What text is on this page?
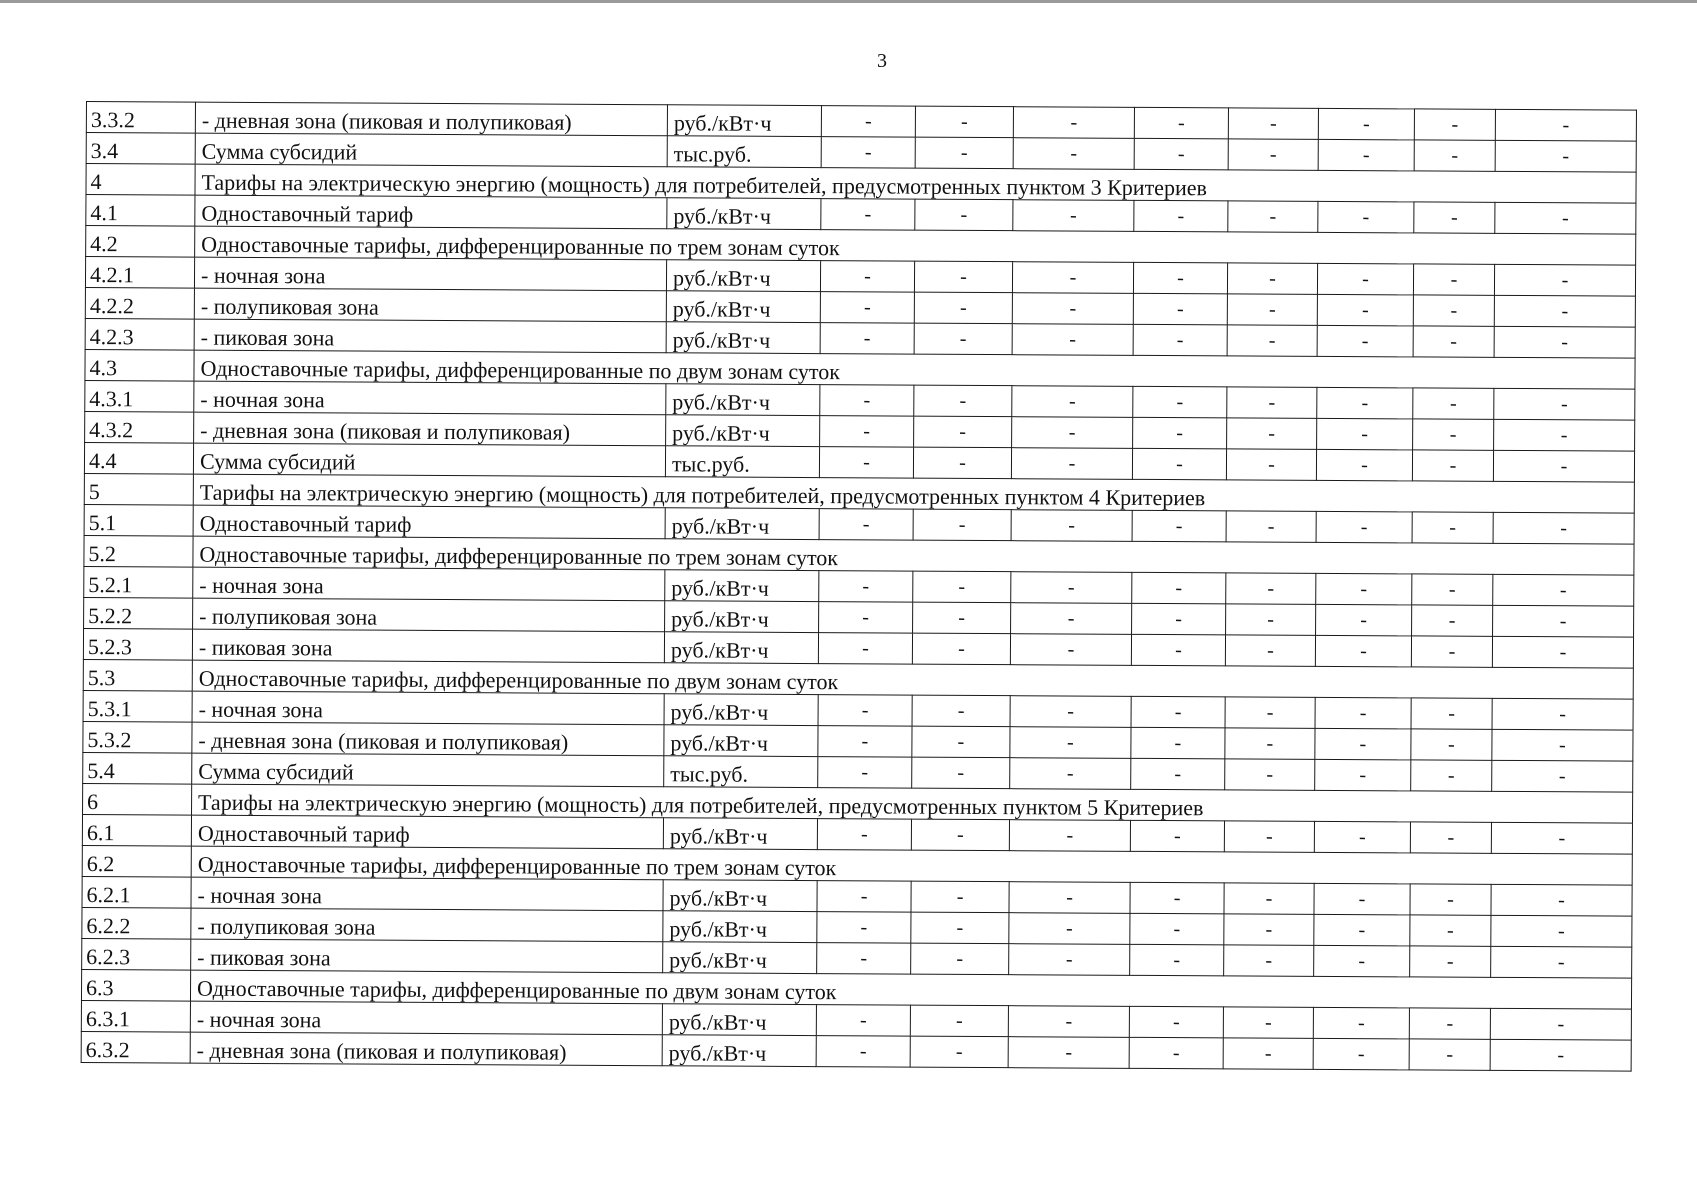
3
3.3.2	- дневная зона (пиковая и полупиковая)	руб./кВт·ч	-	-	-	-	-	-	-	-
3.4	Сумма субсидий	тыс.руб.	-	-	-	-	-	-	-	-
4	Тарифы на электрическую энергию (мощность) для потребителей, предусмотренных пунктом 3 Критериев									
4.1	Одноставочный тариф	руб./кВт·ч	-	-	-	-	-	-	-	-
4.2	Одноставочные тарифы, дифференцированные по трем зонам суток									
4.2.1	- ночная зона	руб./кВт·ч	-	-	-	-	-	-	-	-
4.2.2	- полупиковая зона	руб./кВт·ч	-	-	-	-	-	-	-	-
4.2.3	- пиковая зона	руб./кВт·ч	-	-	-	-	-	-	-	-
4.3	Одноставочные тарифы, дифференцированные по двум зонам суток									
4.3.1	- ночная зона	руб./кВт·ч	-	-	-	-	-	-	-	-
4.3.2	- дневная зона (пиковая и полупиковая)	руб./кВт·ч	-	-	-	-	-	-	-	-
4.4	Сумма субсидий	тыс.руб.	-	-	-	-	-	-	-	-
5	Тарифы на электрическую энергию (мощность) для потребителей, предусмотренных пунктом 4 Критериев									
5.1	Одноставочный тариф	руб./кВт·ч	-	-	-	-	-	-	-	-
5.2	Одноставочные тарифы, дифференцированные по трем зонам суток									
5.2.1	- ночная зона	руб./кВт·ч	-	-	-	-	-	-	-	-
5.2.2	- полупиковая зона	руб./кВт·ч	-	-	-	-	-	-	-	-
5.2.3	- пиковая зона	руб./кВт·ч	-	-	-	-	-	-	-	-
5.3	Одноставочные тарифы, дифференцированные по двум зонам суток									
5.3.1	- ночная зона	руб./кВт·ч	-	-	-	-	-	-	-	-
5.3.2	- дневная зона (пиковая и полупиковая)	руб./кВт·ч	-	-	-	-	-	-	-	-
5.4	Сумма субсидий	тыс.руб.	-	-	-	-	-	-	-	-
6	Тарифы на электрическую энергию (мощность) для потребителей, предусмотренных пунктом 5 Критериев									
6.1	Одноставочный тариф	руб./кВт·ч	-	-	-	-	-	-	-	-
6.2	Одноставочные тарифы, дифференцированные по трем зонам суток									
6.2.1	- ночная зона	руб./кВт·ч	-	-	-	-	-	-	-	-
6.2.2	- полупиковая зона	руб./кВт·ч	-	-	-	-	-	-	-	-
6.2.3	- пиковая зона	руб./кВт·ч	-	-	-	-	-	-	-	-
6.3	Одноставочные тарифы, дифференцированные по двум зонам суток									
6.3.1	- ночная зона	руб./кВт·ч	-	-	-	-	-	-	-	-
6.3.2	- дневная зона (пиковая и полупиковая)	руб./кВт·ч	-	-	-	-	-	-	-	-
